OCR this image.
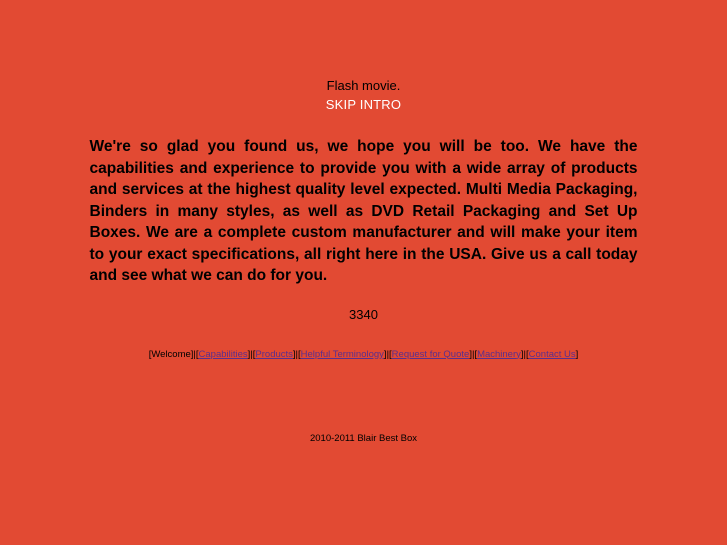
Flash movie.
SKIP INTRO

We're so glad you found us, we hope you will be too. We have the capabilities and experience to provide you with a wide array of products and services at the highest quality level expected. Multi Media Packaging, Binders in many styles, as well as DVD Retail Packaging and Set Up Boxes. We are a complete custom manufacturer and will make your item to your exact specifications, all right here in the USA. Give us a call today and see what we can do for you.

3340
[Welcome]|[Capabilities]|[Products]|[Helpful Terminology]|[Request for Quote]|[Machinery]|[Contact Us]
2010-2011 Blair Best Box
